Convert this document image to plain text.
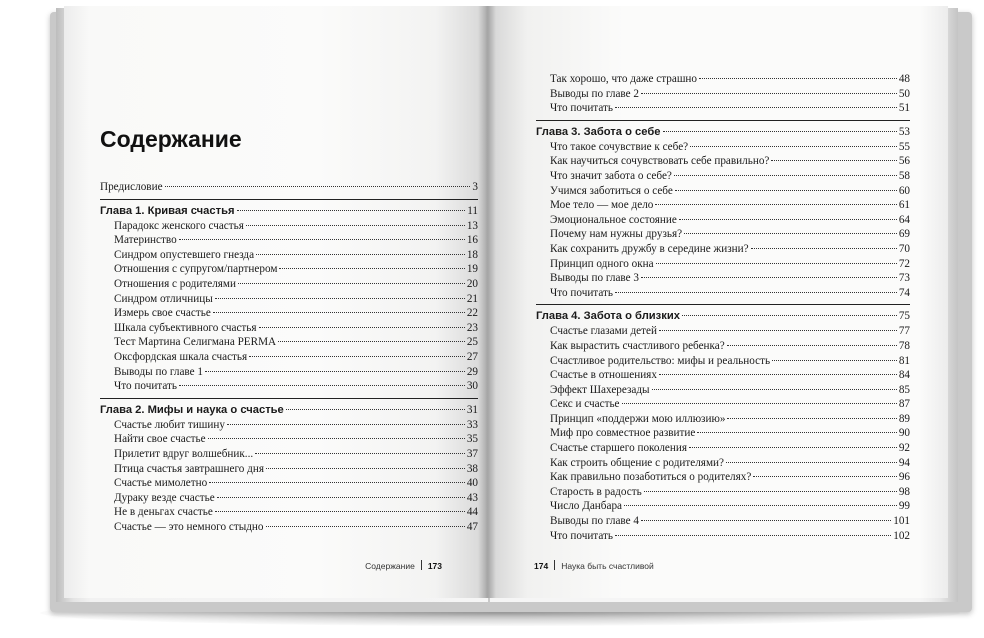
Содержание
Предисловие	3
Глава 1. Кривая счастья	11
Парадокс женского счастья	13
Материнство	16
Синдром опустевшего гнезда	18
Отношения с супругом/партнером	19
Отношения с родителями	20
Синдром отличницы	21
Измерь свое счастье	22
Шкала субъективного счастья	23
Тест Мартина Селигмана PERMA	25
Оксфордская шкала счастья	27
Выводы по главе 1	29
Что почитать	30
Глава 2. Мифы и наука о счастье	31
Счастье любит тишину	33
Найти свое счастье	35
Прилетит вдруг волшебник...	37
Птица счастья завтрашнего дня	38
Счастье мимолетно	40
Дураку везде счастье	43
Не в деньгах счастье	44
Счастье — это немного стыдно	47
Содержание 173
Так хорошо, что даже страшно	48
Выводы по главе 2	50
Что почитать	51
Глава 3. Забота о себе	53
Что такое сочувствие к себе?	55
Как научиться сочувствовать себе правильно?	56
Что значит забота о себе?	58
Учимся заботиться о себе	60
Мое тело — мое дело	61
Эмоциональное состояние	64
Почему нам нужны друзья?	69
Как сохранить дружбу в середине жизни?	70
Принцип одного окна	72
Выводы по главе 3	73
Что почитать	74
Глава 4. Забота о близких	75
Счастье глазами детей	77
Как вырастить счастливого ребенка?	78
Счастливое родительство: мифы и реальность	81
Счастье в отношениях	84
Эффект Шахерезады	85
Секс и счастье	87
Принцип «поддержи мою иллюзию»	89
Миф про совместное развитие	90
Счастье старшего поколения	92
Как строить общение с родителями?	94
Как правильно позаботиться о родителях?	96
Старость в радость	98
Число Данбара	99
Выводы по главе 4	101
Что почитать	102
174 Наука быть счастливой
